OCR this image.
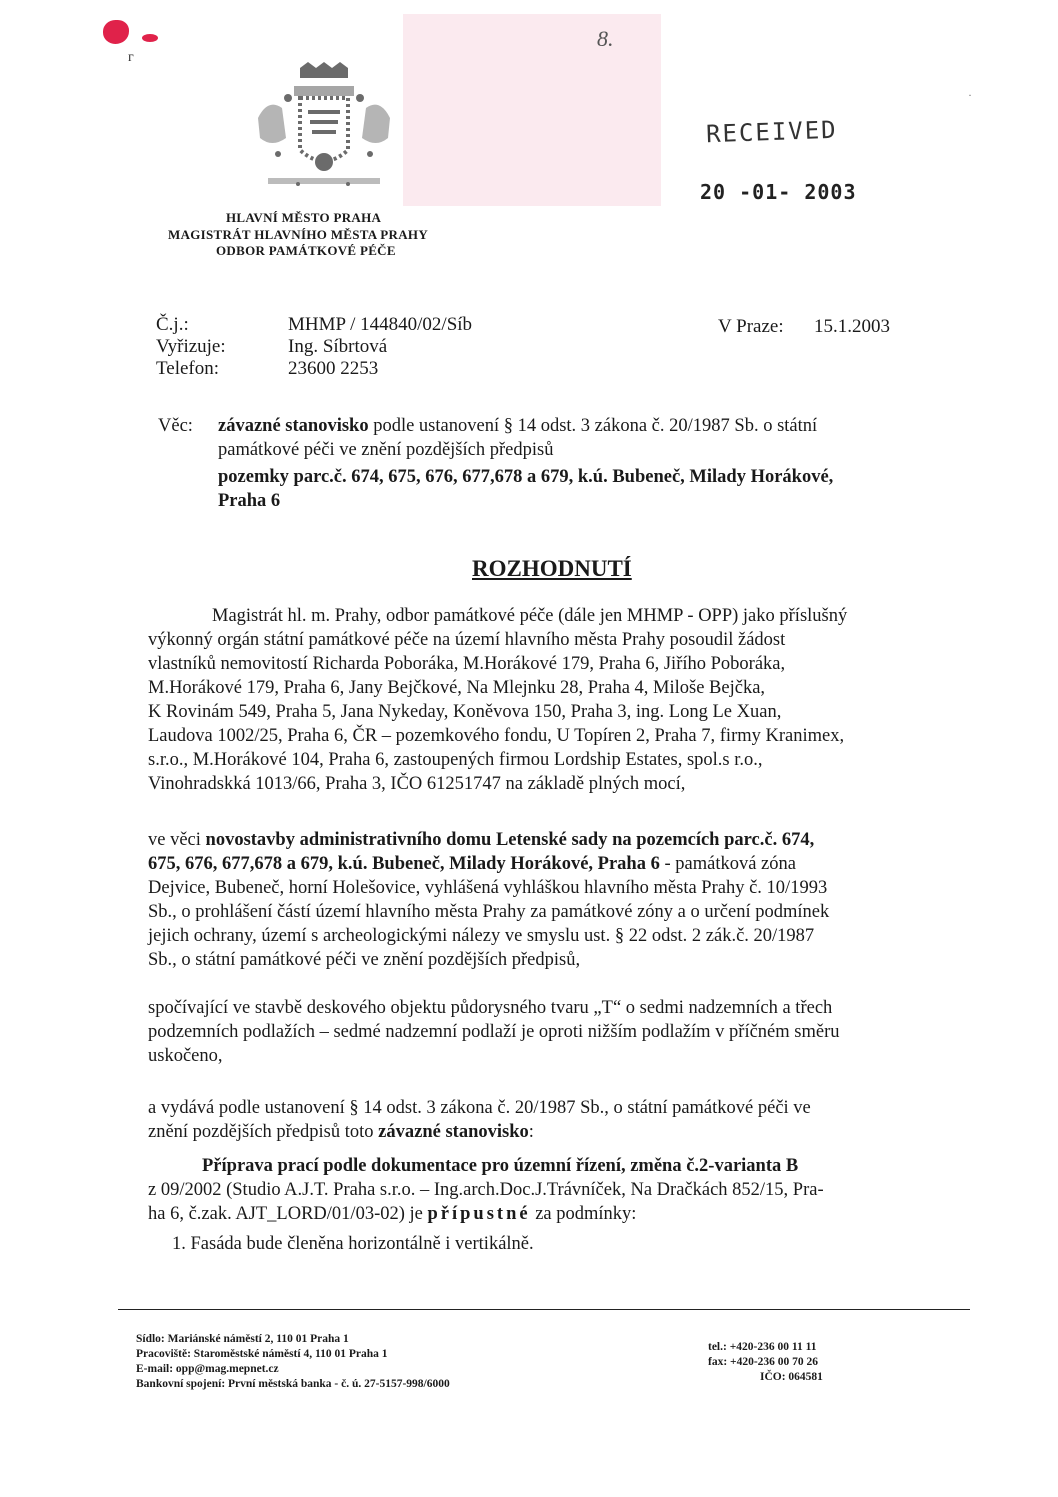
ᴦ
8.
RECEIVED
20 -01- 2003
·
HLAVNÍ MĚSTO PRAHA
MAGISTRÁT HLAVNÍHO MĚSTA PRAHY
ODBOR PAMÁTKOVÉ PÉČE
Č.j.:	MHMP / 144840/02/Síb
Vyřizuje:	Ing. Síbrtová
Telefon:	23600 2253
V Praze: 15.1.2003
Věc: závazné stanovisko podle ustanovení § 14 odst. 3 zákona č. 20/1987 Sb. o státní
památkové péči ve znění pozdějších předpisů
pozemky parc.č. 674, 675, 676, 677,678 a 679, k.ú. Bubeneč, Milady Horákové,
Praha 6
ROZHODNUTÍ
Magistrát hl. m. Prahy, odbor památkové péče (dále jen MHMP - OPP) jako příslušný
výkonný orgán státní památkové péče na území hlavního města Prahy posoudil žádost
vlastníků nemovitostí Richarda Poboráka, M.Horákové 179, Praha 6, Jiřího Poboráka,
M.Horákové 179, Praha 6, Jany Bejčkové, Na Mlejnku 28, Praha 4, Miloše Bejčka,
K Rovinám 549, Praha 5, Jana Nykeday, Koněvova 150, Praha 3, ing. Long Le Xuan,
Laudova 1002/25, Praha 6, ČR – pozemkového fondu, U Topíren 2, Praha 7, firmy Kranimex,
s.r.o., M.Horákové 104, Praha 6, zastoupených firmou Lordship Estates, spol.s r.o.,
Vinohradskká 1013/66, Praha 3, IČO 61251747 na základě plných mocí,
ve věci novostavby administrativního domu Letenské sady na pozemcích parc.č. 674,
675, 676, 677,678 a 679, k.ú. Bubeneč, Milady Horákové, Praha 6 - památková zóna
Dejvice, Bubeneč, horní Holešovice, vyhlášená vyhláškou hlavního města Prahy č. 10/1993
Sb., o prohlášení částí území hlavního města Prahy za památkové zóny a o určení podmínek
jejich ochrany, území s archeologickými nálezy ve smyslu ust. § 22 odst. 2 zák.č. 20/1987
Sb., o státní památkové péči ve znění pozdějších předpisů,
spočívající ve stavbě deskového objektu půdorysného tvaru „T“ o sedmi nadzemních a třech
podzemních podlažích – sedmé nadzemní podlaží je oproti nižším podlažím v příčném směru
uskočeno,
a vydává podle ustanovení § 14 odst. 3 zákona č. 20/1987 Sb., o státní památkové péči ve
znění pozdějších předpisů toto závazné stanovisko:
Příprava prací podle dokumentace pro územní řízení, změna č.2-varianta B
z 09/2002 (Studio A.J.T. Praha s.r.o. – Ing.arch.Doc.J.Trávníček, Na Dračkách 852/15, Pra-
ha 6, č.zak. AJT_LORD/01/03-02) je přípustné za podmínky:
1. Fasáda bude členěna horizontálně i vertikálně.
Sídlo: Mariánské náměstí 2, 110 01 Praha 1
Pracoviště: Staroměstské náměstí 4, 110 01 Praha 1
E-mail: opp@mag.mepnet.cz
Bankovní spojení: První městská banka - č. ú. 27-5157-998/6000
tel.: +420-236 00 11 11
fax: +420-236 00 70 26
IČO: 064581
